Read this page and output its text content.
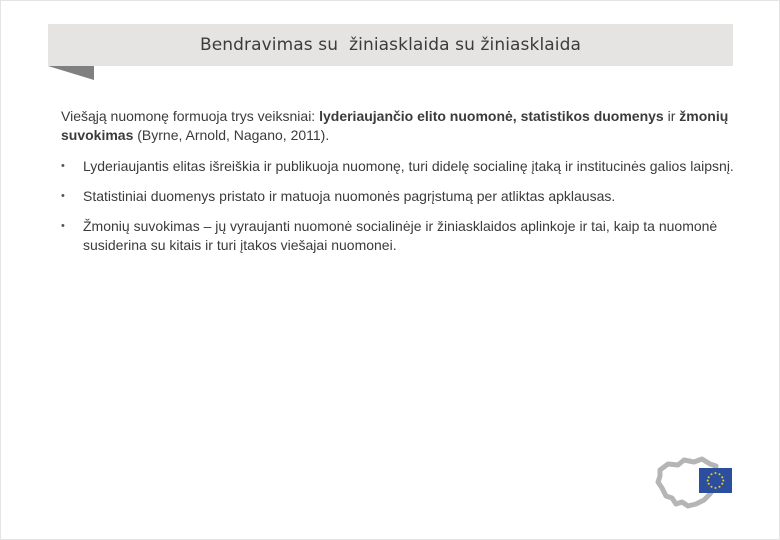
Bendravimas su  žiniasklaida su žiniasklaida

Viešąją nuomonę formuoja trys veiksniai: lyderiaujančio elito nuomonė, statistikos duomenys ir žmonių suvokimas (Byrne, Arnold, Nagano, 2011).

• Lyderiaujantis elitas išreiškia ir publikuoja nuomonę, turi didelę socialinę įtaką ir institucinės galios laipsnį.
• Statistiniai duomenys pristato ir matuoja nuomonės pagrįstumą per atliktas apklausas.
• Žmonių suvokimas – jų vyraujanti nuomonė socialinėje ir žiniasklaidos aplinkoje ir tai, kaip ta nuomonė susiderina su kitais ir turi įtakos viešajai nuomonei.
